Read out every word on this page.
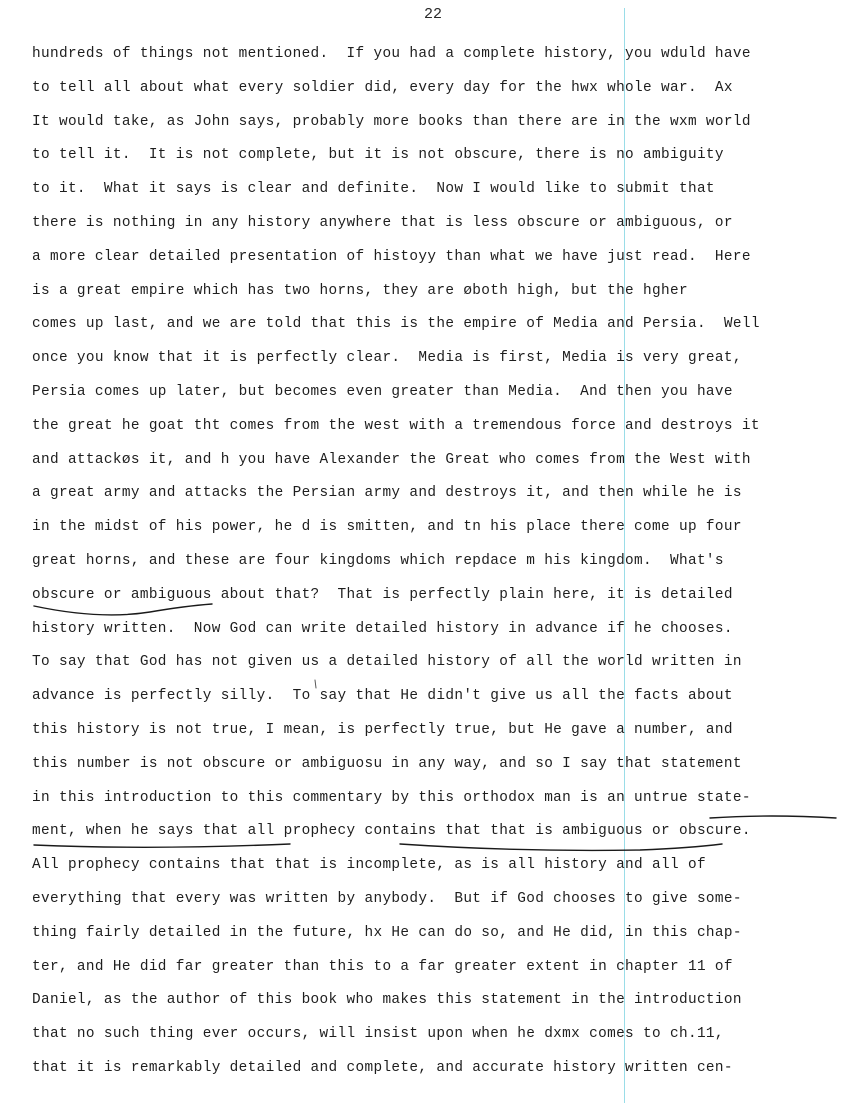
22
hundreds of things not mentioned.  If you had a complete history, you wduld have
to tell all about what every soldier did, every day for the hwx whole war.  Ax
It would take, as John says, probably more books than there are in the wxm world
to tell it.  It is not complete, but it is not obscure, there is no ambiguity
to it.  What it says is clear and definite.  Now I would like to submit that
there is nothing in any history anywhere that is less obscure or ambiguous, or
a more clear detailed presentation of histoyy than what we have just read.  Here
is a great empire which has two horns, they are øboth high, but the hgher
comes up last, and we are told that this is the empire of Media and Persia.  Well
once you know that it is perfectly clear.  Media is first, Media is very great,
Persia comes up later, but becomes even greater than Media.  And then you have
the great he goat tht comes from the west with a tremendous force and destroys it
and attackøs it, and h you have Alexander the Great who comes from the West with
a great army and attacks the Persian army and destroys it, and then while he is
in the midst of his power, he d is smitten, and tn his place there come up four
great horns, and these are four kingdoms which repdace m his kingdom.  What's
obscure or ambiguous about that?  That is perfectly plain here, it is detailed
history written.  Now God can write detailed history in advance if he chooses.
To say that God has not given us a detailed history of all the world written in
advance is perfectly silly.  To say that He didn't give us all the facts about
this history is not true, I mean, is perfectly true, but He gave a number, and
this number is not obscure or ambiguosu in any way, and so I say that statement
in this introduction to this commentary by this orthodox man is an untrue state-
ment, when he says that all prophecy contains that that is ambiguous or obscure.
All prophecy contains that that is incomplete, as is all history and all of
everything that every was written by anybody.  But if God chooses to give some-
thing fairly detailed in the future, hx He can do so, and He did, in this chap-
ter, and He did far greater than this to a far greater extent in chapter 11 of
Daniel, as the author of this book who makes this statement in the introduction
that no such thing ever occurs, will insist upon when he dxmx comes to ch.11,
that it is remarkably detailed and complete, and accurate history written cen-
